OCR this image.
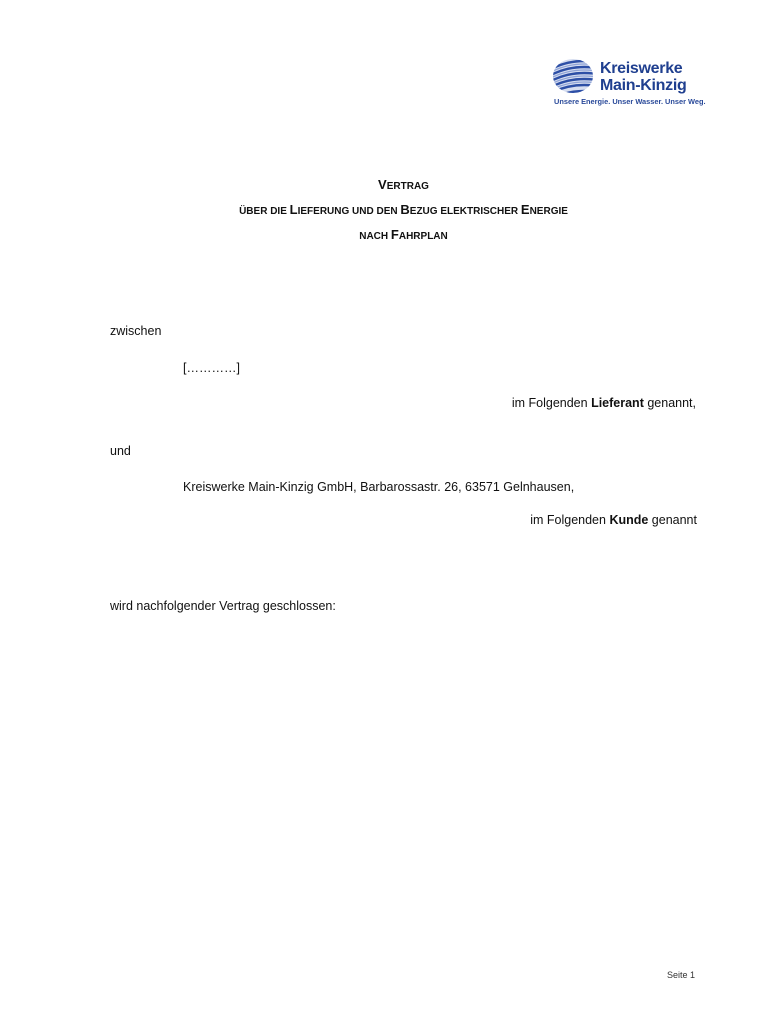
Kreiswerke
Main-Kinzig
Unsere Energie. Unser Wasser. Unser Weg.
VERTRAG
ÜBER DIE LIEFERUNG UND DEN BEZUG ELEKTRISCHER ENERGIE
NACH FAHRPLAN
zwischen
[…………]
im Folgenden Lieferant genannt,
und
Kreiswerke Main-Kinzig GmbH, Barbarossastr. 26, 63571 Gelnhausen,
im Folgenden Kunde genannt
wird nachfolgender Vertrag geschlossen:
Seite 1
